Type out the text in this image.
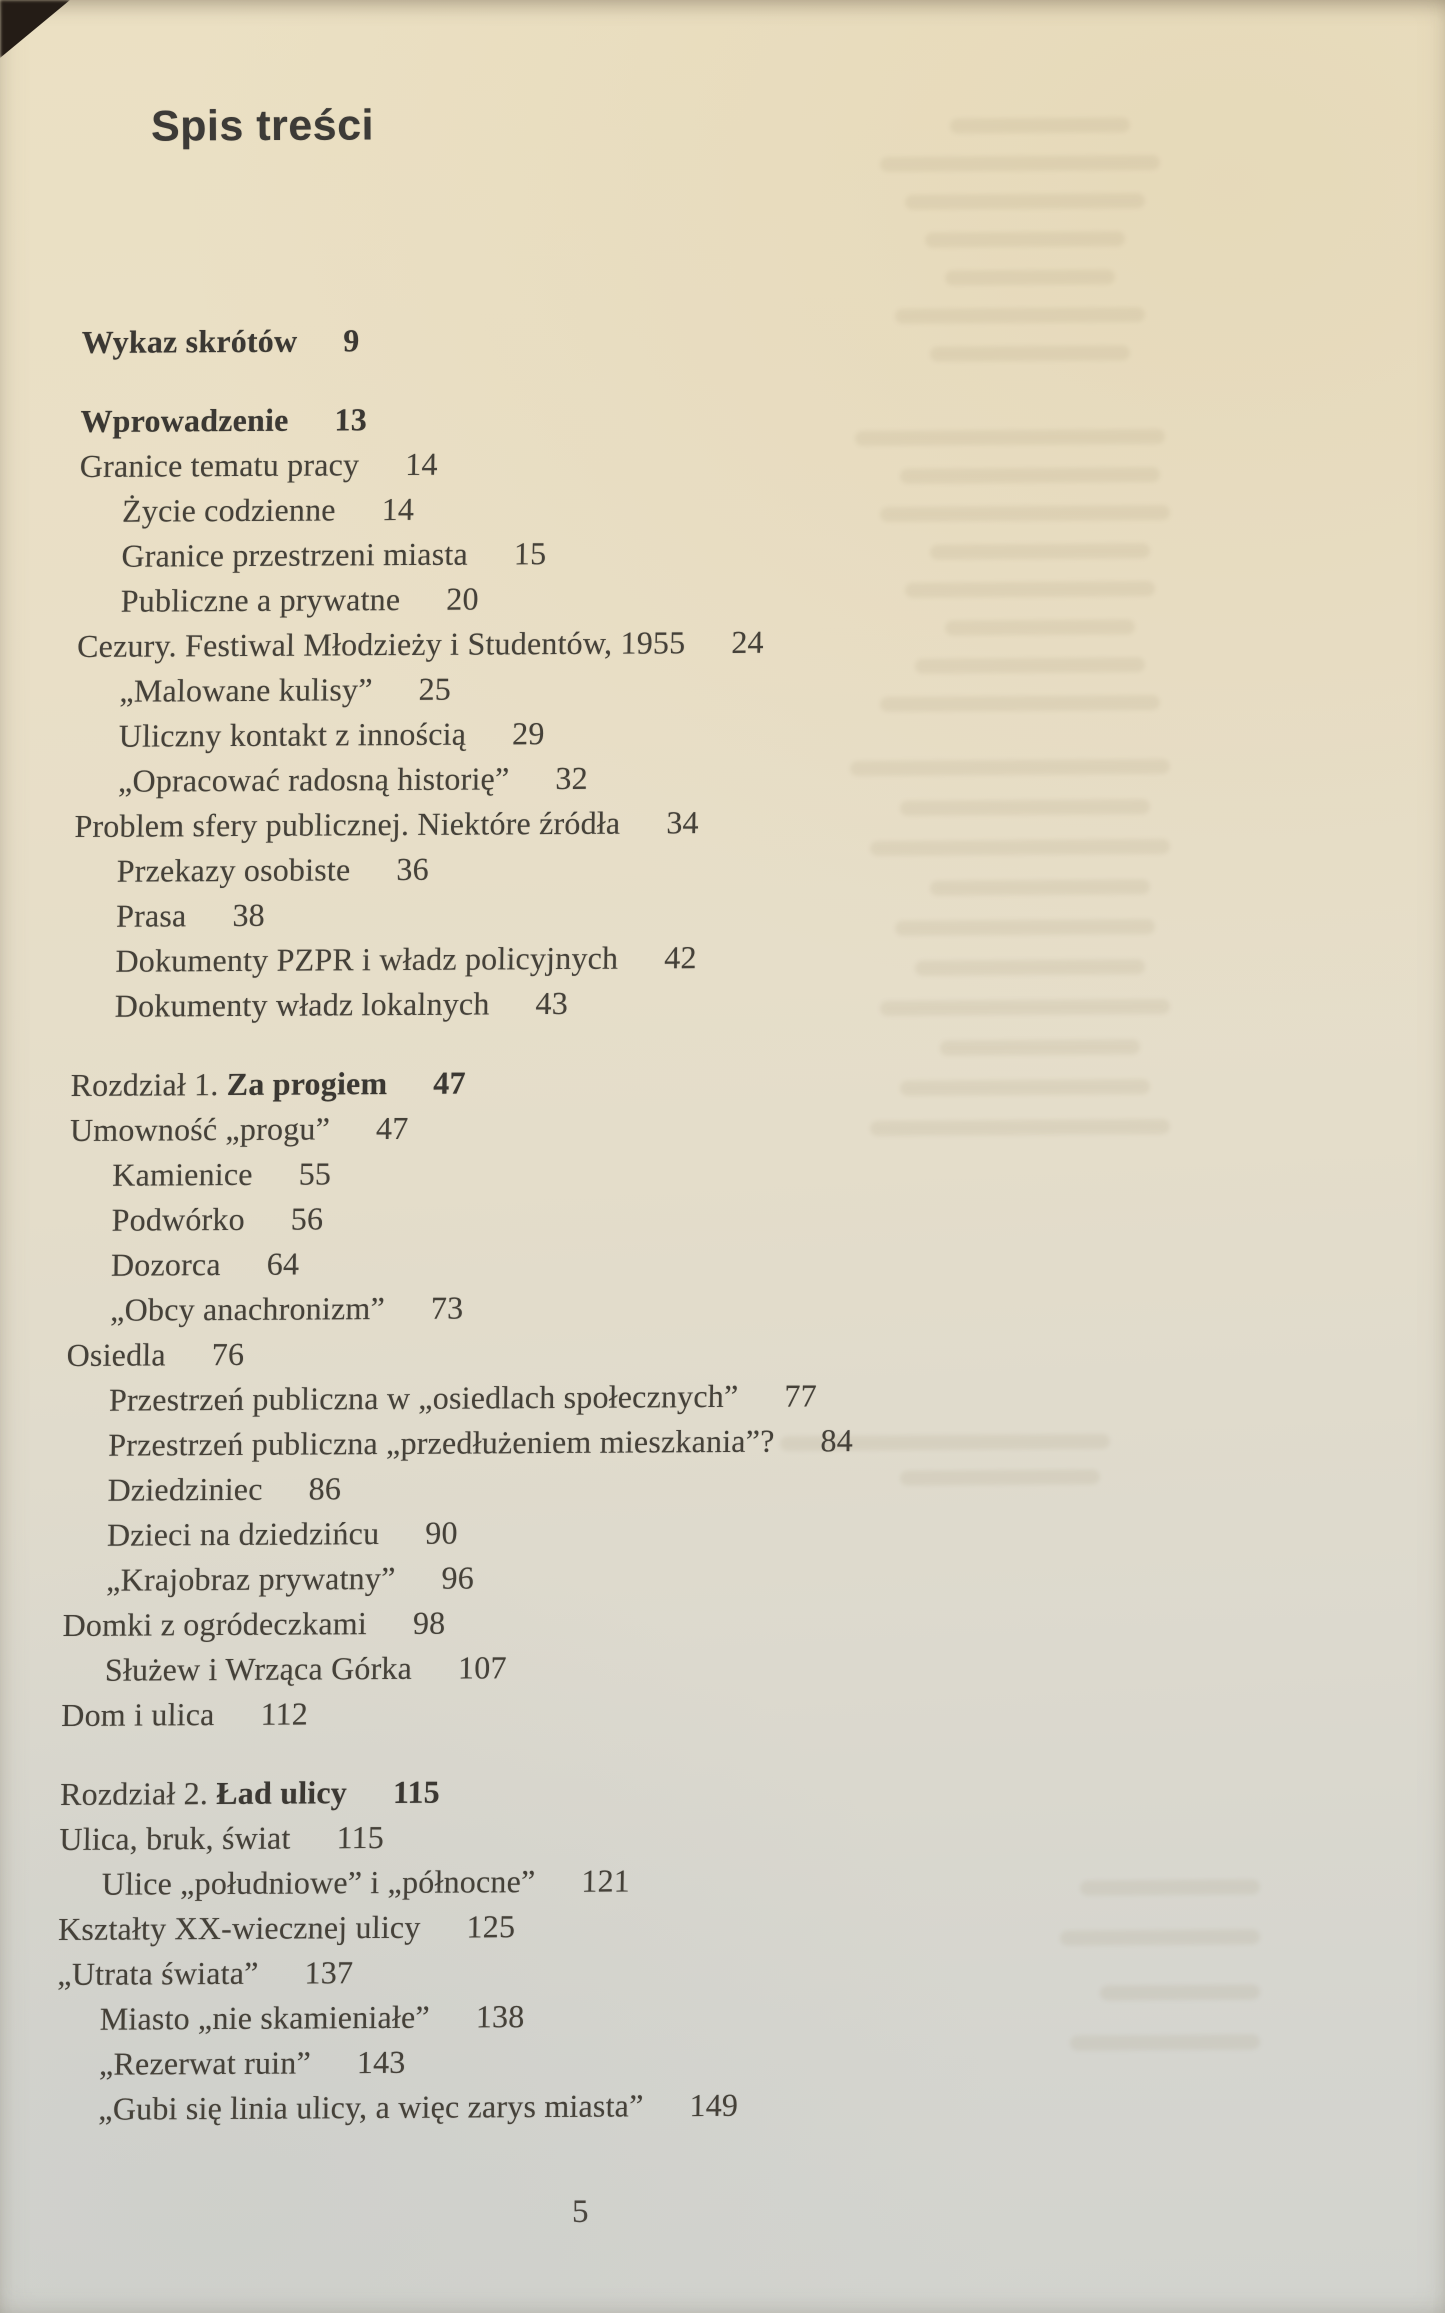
Spis treści
Wykaz skrótów 9
Wprowadzenie 13
Granice tematu pracy 14
Życie codzienne 14
Granice przestrzeni miasta 15
Publiczne a prywatne 20
Cezury. Festiwal Młodzieży i Studentów, 1955 24
„Malowane kulisy” 25
Uliczny kontakt z innością 29
„Opracować radosną historię” 32
Problem sfery publicznej. Niektóre źródła 34
Przekazy osobiste 36
Prasa 38
Dokumenty PZPR i władz policyjnych 42
Dokumenty władz lokalnych 43
Rozdział 1. Za progiem 47
Umowność „progu” 47
Kamienice 55
Podwórko 56
Dozorca 64
„Obcy anachronizm” 73
Osiedla 76
Przestrzeń publiczna w „osiedlach społecznych” 77
Przestrzeń publiczna „przedłużeniem mieszkania”? 84
Dziedziniec 86
Dzieci na dziedzińcu 90
„Krajobraz prywatny” 96
Domki z ogródeczkami 98
Służew i Wrząca Górka 107
Dom i ulica 112
Rozdział 2. Ład ulicy 115
Ulica, bruk, świat 115
Ulice „południowe” i „północne” 121
Kształty XX-wiecznej ulicy 125
„Utrata świata” 137
Miasto „nie skamieniałe” 138
„Rezerwat ruin” 143
„Gubi się linia ulicy, a więc zarys miasta” 149
5
